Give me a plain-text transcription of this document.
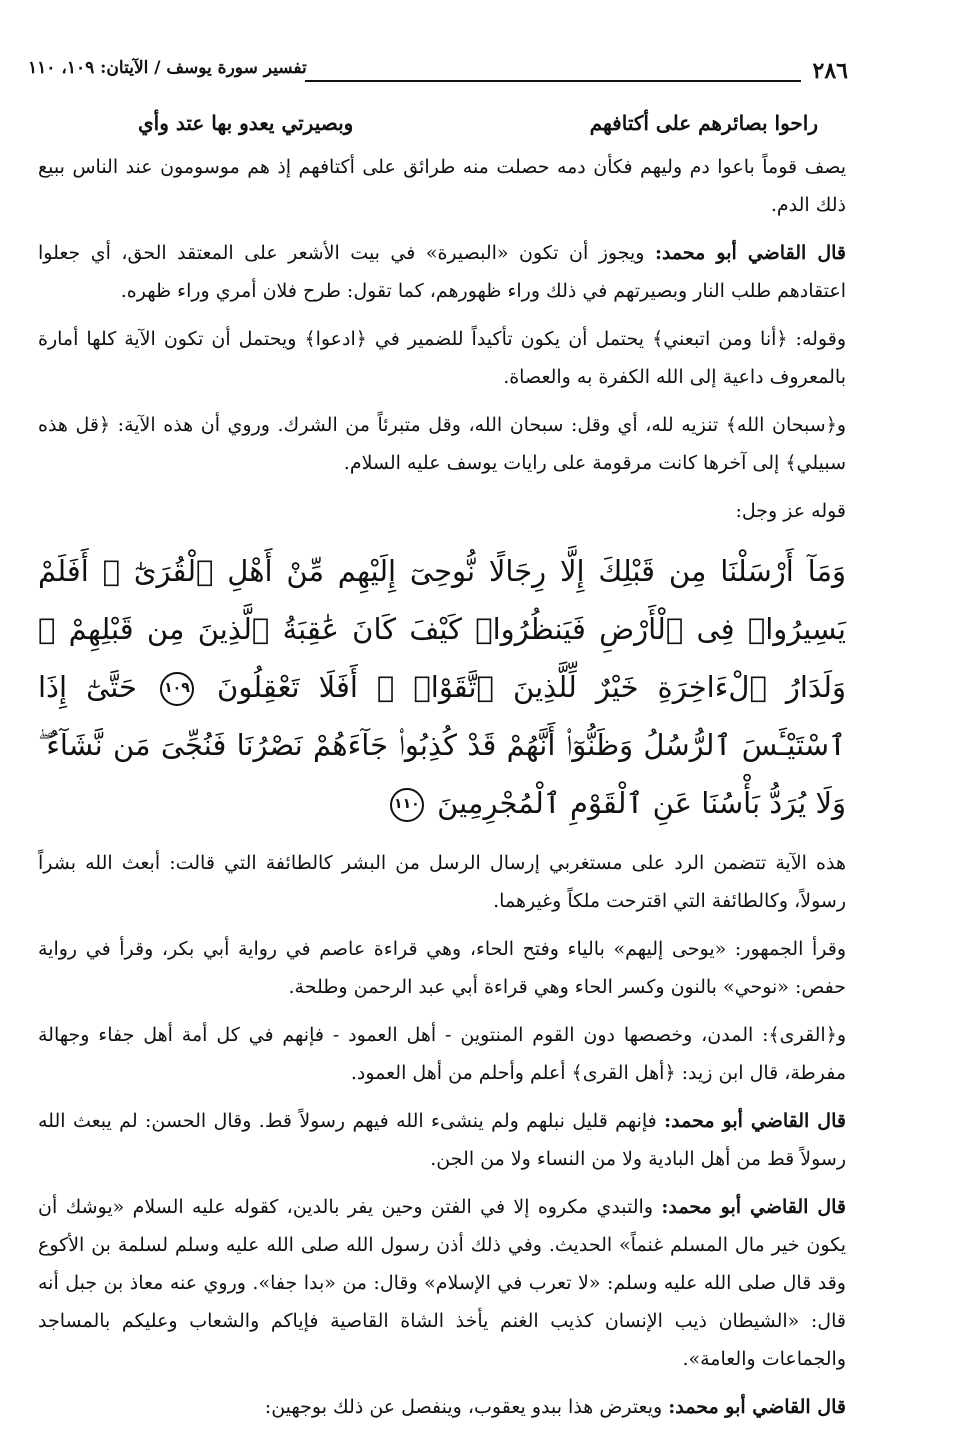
٢٨٦
تفسير سورة يوسف / الآيتان: ١٠٩، ١١٠
راحوا بصائرهم على أكتافهم
وبصيرتي يعدو بها عتد وأي

يصف قوماً باعوا دم وليهم فكأن دمه حصلت منه طرائق على أكتافهم إذ هم موسومون عند الناس ببيع ذلك الدم.

قال القاضي أبو محمد: ويجوز أن تكون «البصيرة» في بيت الأشعر على المعتقد الحق، أي جعلوا اعتقادهم طلب النار وبصيرتهم في ذلك وراء ظهورهم، كما تقول: طرح فلان أمري وراء ظهره.

وقوله: ﴿أنا ومن اتبعني﴾ يحتمل أن يكون تأكيداً للضمير في ﴿ادعوا﴾ ويحتمل أن تكون الآية كلها أمارة بالمعروف داعية إلى الله الكفرة به والعصاة.

و﴿سبحان الله﴾ تنزيه لله، أي وقل: سبحان الله، وقل متبرئاً من الشرك. وروي أن هذه الآية: ﴿قل هذه سبيلي﴾ إلى آخرها كانت مرقومة على رايات يوسف عليه السلام.

قوله عز وجل:

وَمَآ أَرْسَلْنَا مِن قَبْلِكَ إِلَّا رِجَالًا نُّوحِىٓ إِلَيْهِم مِّنْ أَهْلِ ٱلْقُرَىٰٓ ۗ أَفَلَمْ يَسِيرُوا۟ فِى ٱلْأَرْضِ فَيَنظُرُوا۟ كَيْفَ كَانَ عَٰقِبَةُ ٱلَّذِينَ مِن قَبْلِهِمْ ۗ وَلَدَارُ ٱلْءَاخِرَةِ خَيْرٌ لِّلَّذِينَ ٱتَّقَوْا۟ ۗ أَفَلَا تَعْقِلُونَ ١٠٩ حَتَّىٰٓ إِذَا ٱسْتَيْـَٔسَ ٱلرُّسُلُ وَظَنُّوٓا۟ أَنَّهُمْ قَدْ كُذِبُوا۟ جَآءَهُمْ نَصْرُنَا فَنُجِّىَ مَن نَّشَآءُ ۖ وَلَا يُرَدُّ بَأْسُنَا عَنِ ٱلْقَوْمِ ٱلْمُجْرِمِينَ ١١٠

هذه الآية تتضمن الرد على مستغربي إرسال الرسل من البشر كالطائفة التي قالت: أبعث الله بشراً رسولاً، وكالطائفة التي اقترحت ملكاً وغيرهما.

وقرأ الجمهور: «يوحى إليهم» بالياء وفتح الحاء، وهي قراءة عاصم في رواية أبي بكر، وقرأ في رواية حفص: «نوحي» بالنون وكسر الحاء وهي قراءة أبي عبد الرحمن وطلحة.

و﴿القرى﴾: المدن، وخصصها دون القوم المنتوين - أهل العمود - فإنهم في كل أمة أهل جفاء وجهالة مفرطة، قال ابن زيد: ﴿أهل القرى﴾ أعلم وأحلم من أهل العمود.

قال القاضي أبو محمد: فإنهم قليل نبلهم ولم ينشىء الله فيهم رسولاً قط. وقال الحسن: لم يبعث الله رسولاً قط من أهل البادية ولا من النساء ولا من الجن.

قال القاضي أبو محمد: والتبدي مكروه إلا في الفتن وحين يفر بالدين، كقوله عليه السلام «يوشك أن يكون خير مال المسلم غنماً» الحديث. وفي ذلك أذن رسول الله صلى الله عليه وسلم لسلمة بن الأكوع وقد قال صلى الله عليه وسلم: «لا تعرب في الإسلام» وقال: من «بدا جفا». وروي عنه معاذ بن جبل أنه قال: «الشيطان ذيب الإنسان كذيب الغنم يأخذ الشاة القاصية فإياكم والشعاب وعليكم بالمساجد والجماعات والعامة».

قال القاضي أبو محمد: ويعترض هذا ببدو يعقوب، وينفصل عن ذلك بوجهين:
